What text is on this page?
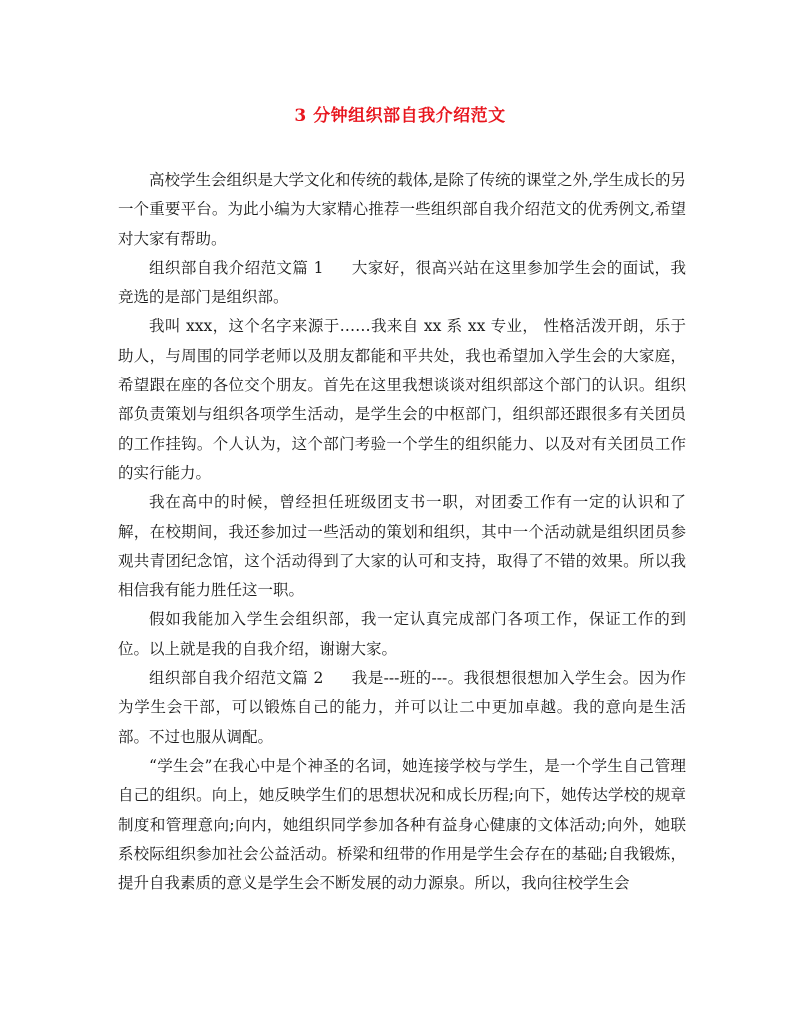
3 分钟组织部自我介绍范文

高校学生会组织是大学文化和传统的载体,是除了传统的课堂之外,学生成长的另一个重要平台。为此小编为大家精心推荐一些组织部自我介绍范文的优秀例文,希望对大家有帮助。

组织部自我介绍范文篇 1 大家好，很高兴站在这里参加学生会的面试，我竞选的是部门是组织部。

我叫 xxx，这个名字来源于……我来自 xx 系 xx 专业， 性格活泼开朗，乐于助人，与周围的同学老师以及朋友都能和平共处，我也希望加入学生会的大家庭，希望跟在座的各位交个朋友。首先在这里我想谈谈对组织部这个部门的认识。组织部负责策划与组织各项学生活动，是学生会的中枢部门，组织部还跟很多有关团员的工作挂钩。个人认为，这个部门考验一个学生的组织能力、以及对有关团员工作的实行能力。

我在高中的时候，曾经担任班级团支书一职，对团委工作有一定的认识和了解，在校期间，我还参加过一些活动的策划和组织，其中一个活动就是组织团员参观共青团纪念馆，这个活动得到了大家的认可和支持，取得了不错的效果。所以我相信我有能力胜任这一职。

假如我能加入学生会组织部，我一定认真完成部门各项工作，保证工作的到位。以上就是我的自我介绍，谢谢大家。

组织部自我介绍范文篇 2 我是---班的---。我很想很想加入学生会。因为作为学生会干部，可以锻炼自己的能力，并可以让二中更加卓越。我的意向是生活部。不过也服从调配。

“学生会”在我心中是个神圣的名词，她连接学校与学生，是一个学生自己管理自己的组织。向上，她反映学生们的思想状况和成长历程;向下，她传达学校的规章制度和管理意向;向内，她组织同学参加各种有益身心健康的文体活动;向外，她联系校际组织参加社会公益活动。桥梁和纽带的作用是学生会存在的基础;自我锻炼，提升自我素质的意义是学生会不断发展的动力源泉。所以，我向往校学生会
